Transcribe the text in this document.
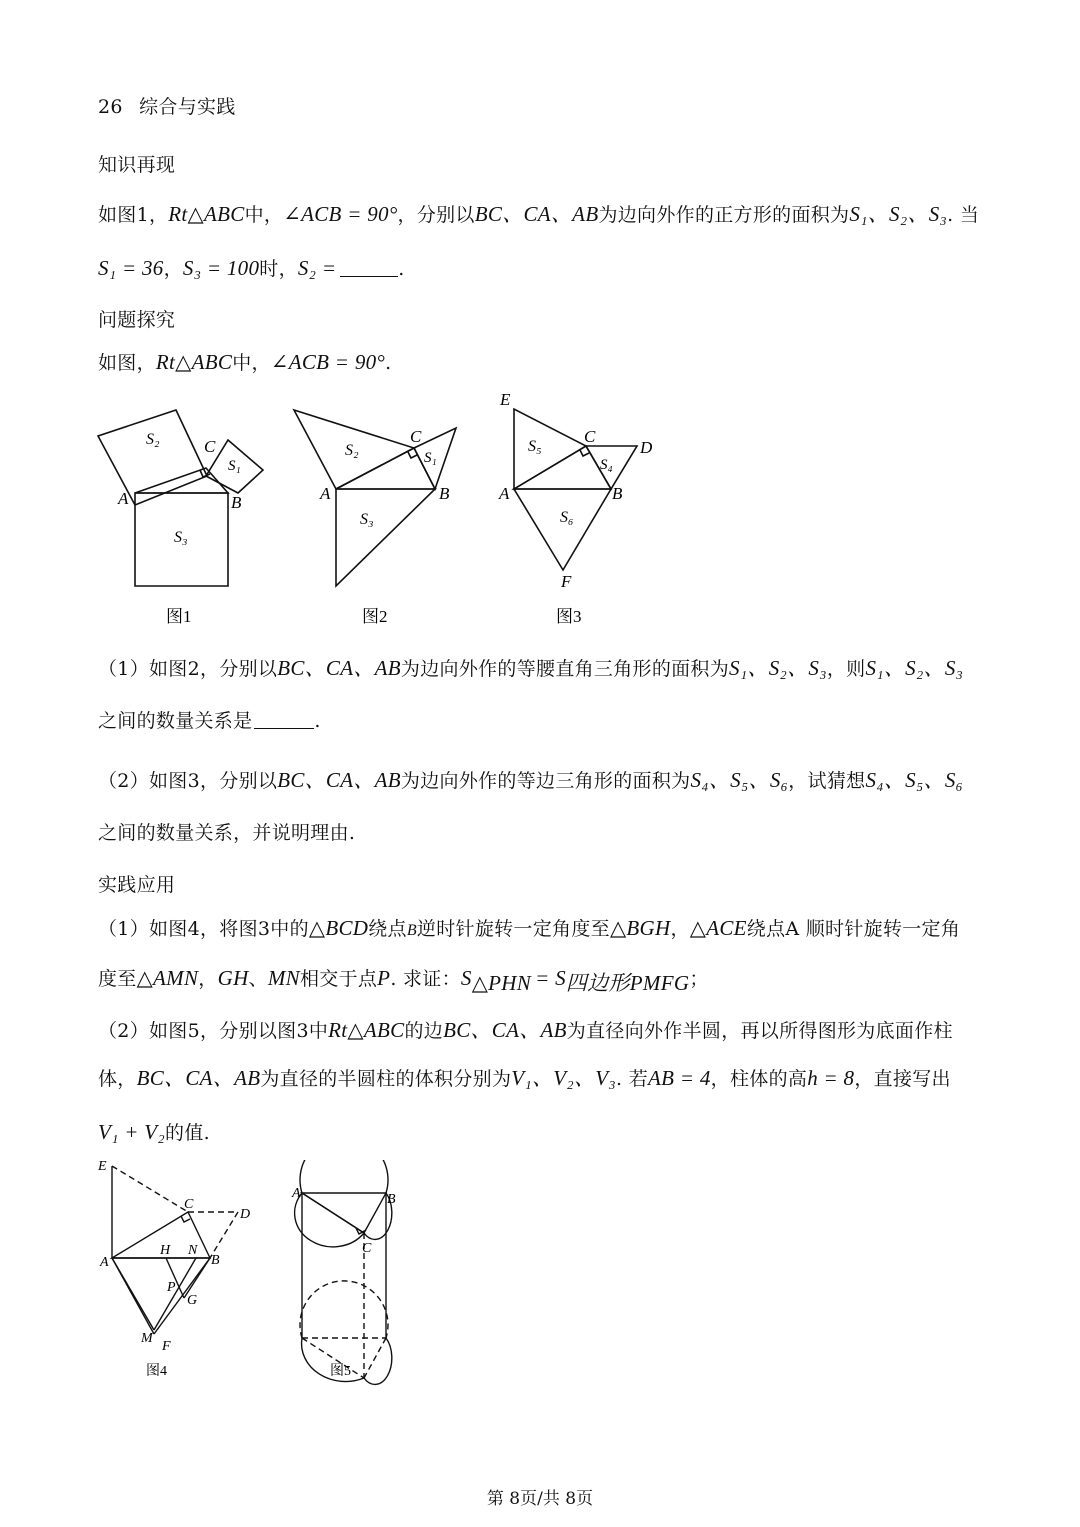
26 综合与实践
知识再现
如图1，Rt△ABC中，∠ACB = 90°，分别以BC、CA、AB为边向外作的正方形的面积为S₁、S₂、S₃. 当
S₁ = 36，S₃ = 100时，S₂ =	.
问题探究
如图，Rt△ABC中，∠ACB = 90°.
S₂	C
S₁
A	B
S₃
图1
S₂
C
S₁
A	B
S₃
图2
E
S₅
C
D
S₄
A	B
S₆
F
图3
（1）如图2，分别以BC、CA、AB为边向外作的等腰直角三角形的面积为S₁、S₂、S₃，则S₁、S₂、S₃
之间的数量关系是	.
（2）如图3，分别以BC、CA、AB为边向外作的等边三角形的面积为S₄、S₅、S₆，试猜想S₄、S₅、S₆
之间的数量关系，并说明理由.
实践应用
（1）如图4，将图3中的△BCD绕点B逆时针旋转一定角度至△BGH，△ACE绕点A 顺时针旋转一定角
度至△AMN，GH、MN相交于点P. 求证：$S_{\triangle PHN} = S_{四边形PMFG}$；
（2）如图5，分别以图3中Rt△ABC的边BC、CA、AB为直径向外作半圆，再以所得图形为底面作柱
体，BC、CA、AB为直径的半圆柱的体积分别为V₁、V₂、V₃. 若AB = 4，柱体的高h = 8，直接写出
V₁ + V₂的值.
E
C
D
A
H N
B
P
G
M
F
图4
A	B
C
图5
第 8页/共 8页
